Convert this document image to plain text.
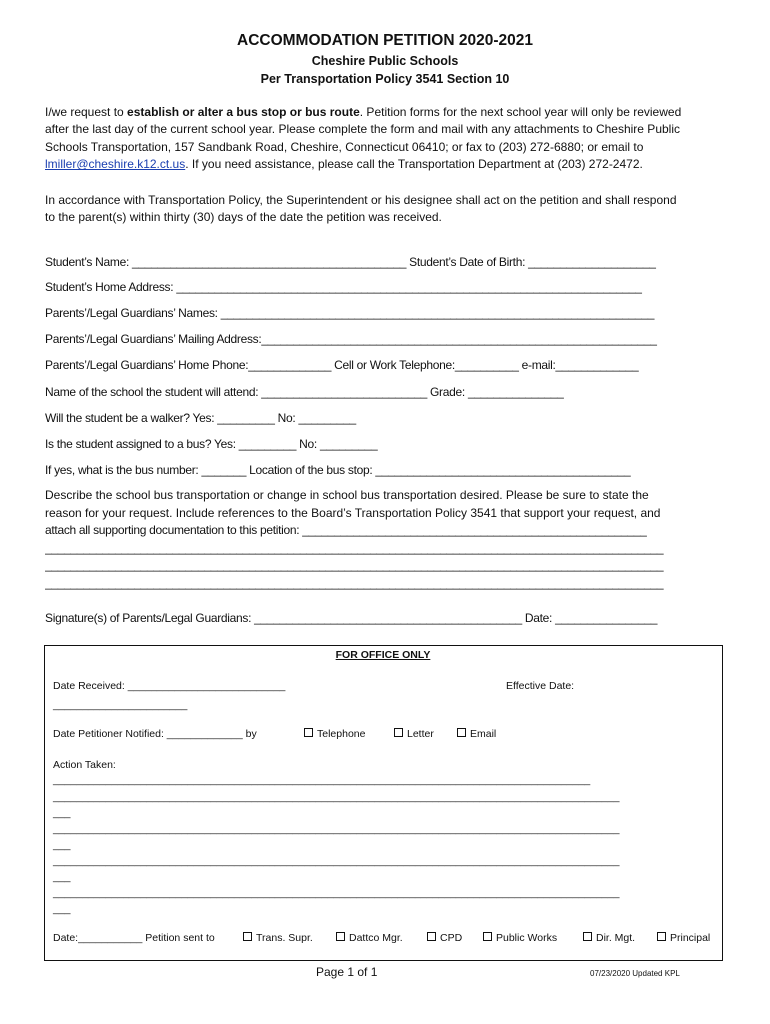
ACCOMMODATION PETITION 2020-2021
Cheshire Public Schools
Per Transportation Policy 3541 Section 10
I/we request to establish or alter a bus stop or bus route. Petition forms for the next school year will only be reviewed
after the last day of the current school year. Please complete the form and mail with any attachments to Cheshire Public
Schools Transportation, 157 Sandbank Road, Cheshire, Connecticut 06410; or fax to (203) 272-6880; or email to
lmiller@cheshire.k12.ct.us. If you need assistance, please call the Transportation Department at (203) 272-2472.
In accordance with Transportation Policy, the Superintendent or his designee shall act on the petition and shall respond
to the parent(s) within thirty (30) days of the date the petition was received.
Student’s Name: ___________________________________________ Student’s Date of Birth: ____________________
Student’s Home Address: _________________________________________________________________________
Parents’/Legal Guardians’ Names: ____________________________________________________________________
Parents’/Legal Guardians’ Mailing Address:______________________________________________________________
Parents’/Legal Guardians’ Home Phone:_____________ Cell or Work Telephone:__________ e-mail:_____________
Name of the school the student will attend: __________________________ Grade: _______________
Will the student be a walker? Yes: _________ No: _________
Is the student assigned to a bus? Yes: _________ No: _________
If yes, what is the bus number: _______ Location of the bus stop: ________________________________________
Describe the school bus transportation or change in school bus transportation desired. Please be sure to state the
reason for your request. Include references to the Board’s Transportation Policy 3541 that support your request, and
attach all supporting documentation to this petition: ______________________________________________________
_________________________________________________________________________________________________
_________________________________________________________________________________________________
_________________________________________________________________________________________________
Signature(s) of Parents/Legal Guardians: __________________________________________ Date: ________________
FOR OFFICE ONLY
Date Received: ___________________________	Effective Date:
_______________________
Date Petitioner Notified: _____________ by	Telephone	Letter	Email
Action Taken:
____________________________________________________________________________________________
_________________________________________________________________________________________________
___
_________________________________________________________________________________________________
___
_________________________________________________________________________________________________
___
_________________________________________________________________________________________________
___
Date:___________ Petition sent to	Trans. Supr.	Dattco Mgr.	CPD	Public Works	Dir. Mgt.	Principal
Page 1 of 1	07/23/2020 Updated KPL
